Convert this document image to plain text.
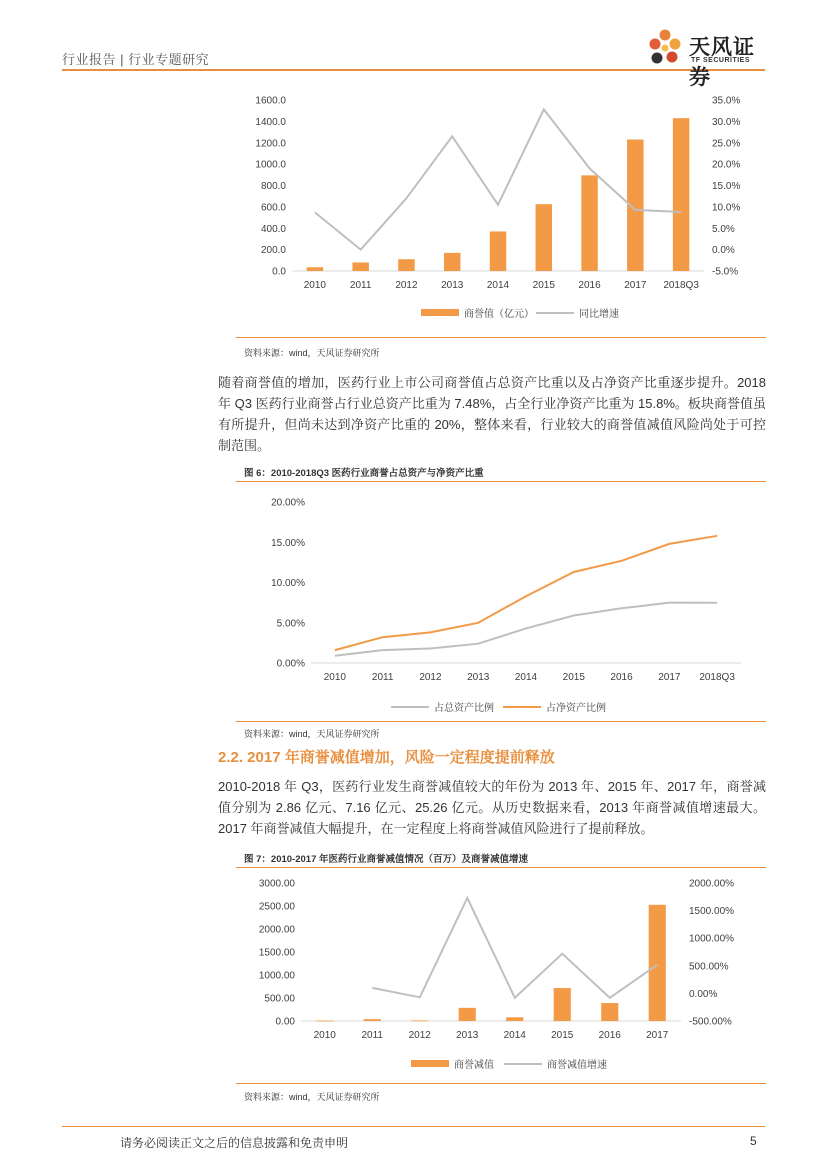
行业报告 | 行业专题研究
天风证券
TF SECURITIES
0.0
200.0
400.0
600.0
800.0
1000.0
1200.0
1400.0
1600.0
-5.0%
0.0%
5.0%
10.0%
15.0%
20.0%
25.0%
30.0%
35.0%
2010 2011 2012 2013 2014 2015 2016 2017 2018Q3
商誉值（亿元）	同比增速
资料来源：wind，天风证券研究所
随着商誉值的增加，医药行业上市公司商誉值占总资产比重以及占净资产比重逐步提升。2018 年 Q3 医药行业商誉占行业总资产比重为 7.48%，占全行业净资产比重为 15.8%。板块商誉值虽有所提升，但尚未达到净资产比重的 20%，整体来看，行业较大的商誉值减值风险尚处于可控制范围。
图 6：2010-2018Q3 医药行业商誉占总资产与净资产比重
0.00%
5.00%
10.00%
15.00%
20.00%
2010	2011	2012	2013	2014	2015	2016	2017 2018Q3
占总资产比例	占净资产比例
资料来源：wind，天风证券研究所
2.2. 2017 年商誉减值增加，风险一定程度提前释放
2010-2018 年 Q3，医药行业发生商誉减值较大的年份为 2013 年、2015 年、2017 年，商誉减值分别为 2.86 亿元、7.16 亿元、25.26 亿元。从历史数据来看，2013 年商誉减值增速最大。2017 年商誉减值大幅提升，在一定程度上将商誉减值风险进行了提前释放。
图 7：2010-2017 年医药行业商誉减值情况（百万）及商誉减值增速
0.00
500.00
1000.00
1500.00
2000.00
2500.00
3000.00
-500.00%
0.00%
500.00%
1000.00%
1500.00%
2000.00%
2010	2011	2012	2013	2014	2015	2016	2017
商誉减值	商誉减值增速
资料来源：wind，天风证券研究所
请务必阅读正文之后的信息披露和免责申明	5
